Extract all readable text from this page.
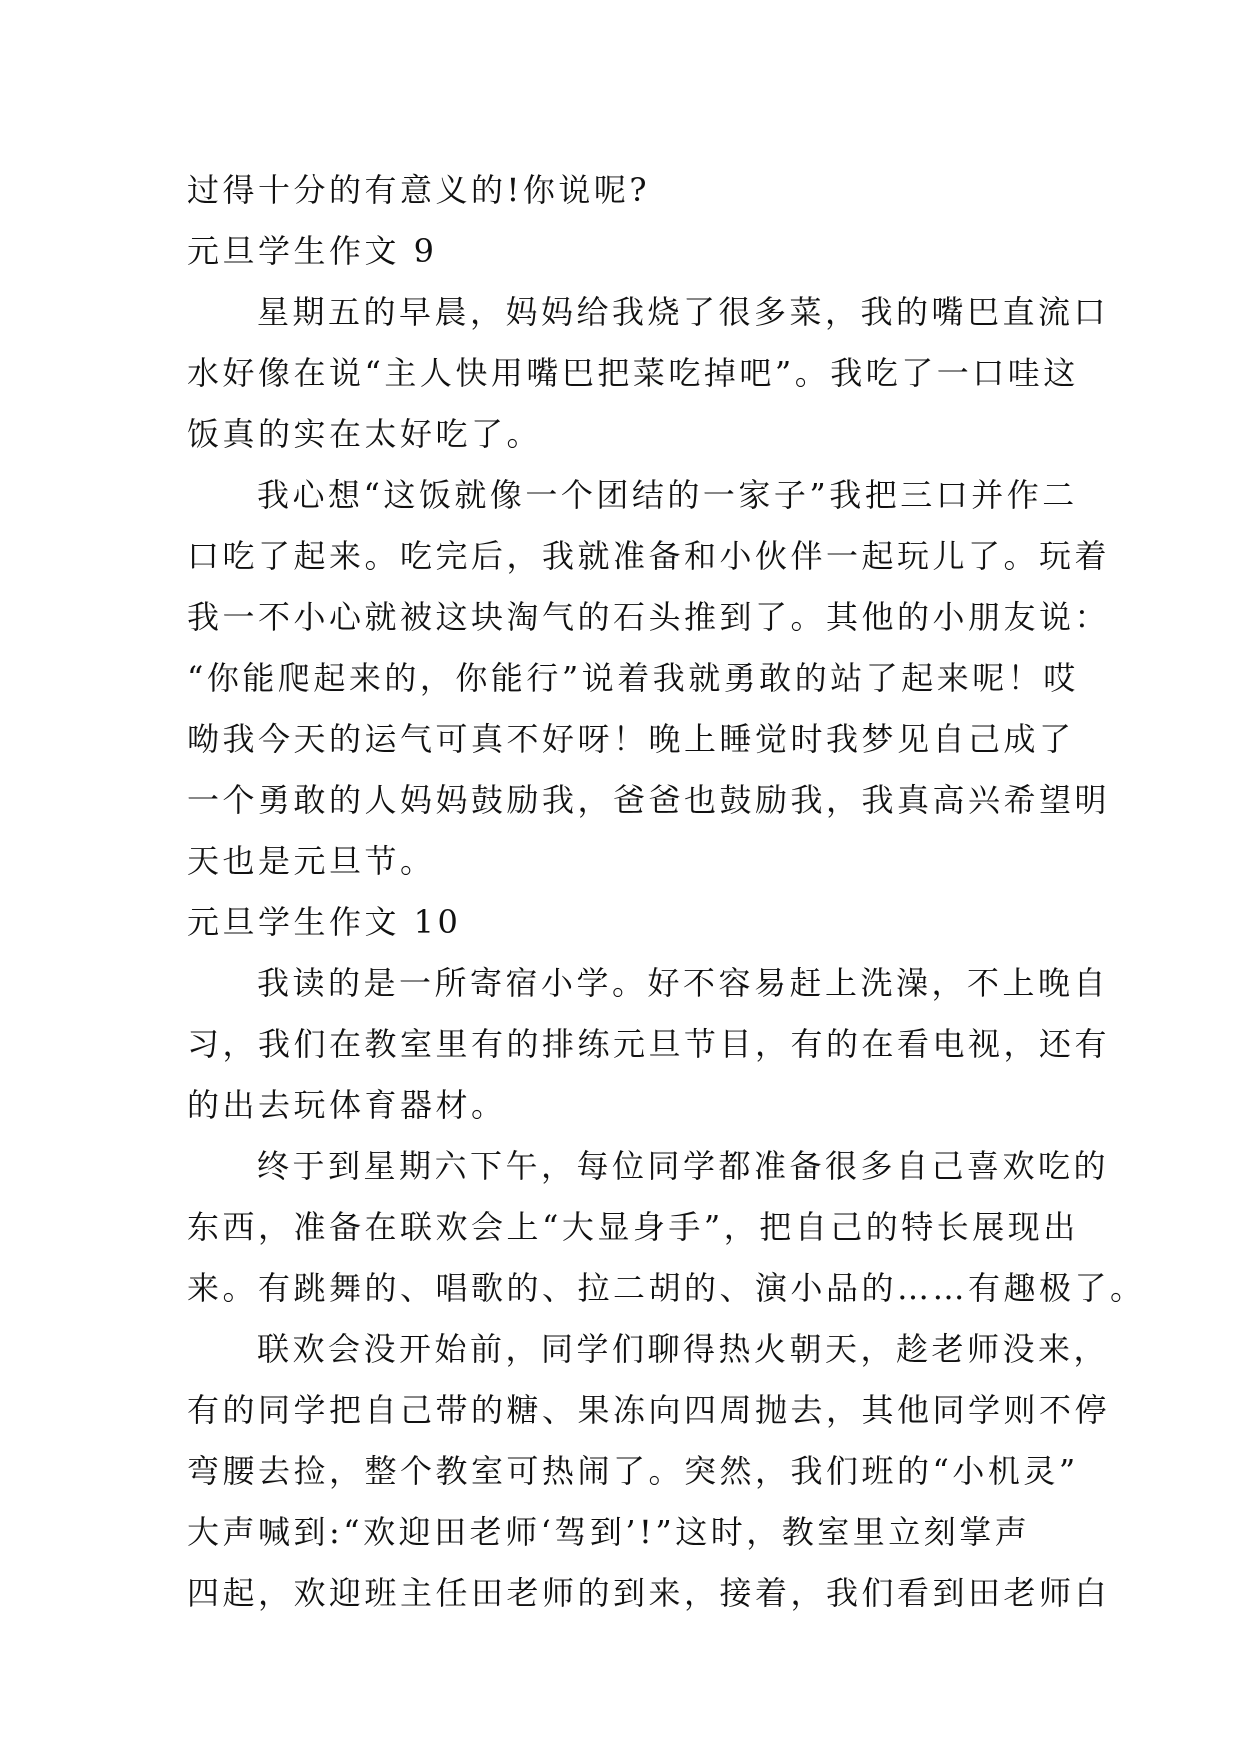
过得十分的有意义的!你说呢?

元旦学生作文 9

星期五的早晨，妈妈给我烧了很多菜，我的嘴巴直流口

水好像在说“主人快用嘴巴把菜吃掉吧”。我吃了一口哇这

饭真的实在太好吃了。

我心想“这饭就像一个团结的一家子”我把三口并作二

口吃了起来。吃完后，我就准备和小伙伴一起玩儿了。玩着

我一不小心就被这块淘气的石头推到了。其他的小朋友说：

“你能爬起来的，你能行”说着我就勇敢的站了起来呢！哎

呦我今天的运气可真不好呀！晚上睡觉时我梦见自己成了

一个勇敢的人妈妈鼓励我，爸爸也鼓励我，我真高兴希望明

天也是元旦节。

元旦学生作文 10

我读的是一所寄宿小学。好不容易赶上洗澡，不上晚自

习，我们在教室里有的排练元旦节目，有的在看电视，还有

的出去玩体育器材。

终于到星期六下午，每位同学都准备很多自己喜欢吃的

东西，准备在联欢会上“大显身手”，把自己的特长展现出

来。有跳舞的、唱歌的、拉二胡的、演小品的……有趣极了。

联欢会没开始前，同学们聊得热火朝天，趁老师没来，

有的同学把自己带的糖、果冻向四周抛去，其他同学则不停

弯腰去捡，整个教室可热闹了。突然，我们班的“小机灵”

大声喊到:“欢迎田老师‘驾到’!”这时，教室里立刻掌声

四起，欢迎班主任田老师的到来，接着，我们看到田老师白
